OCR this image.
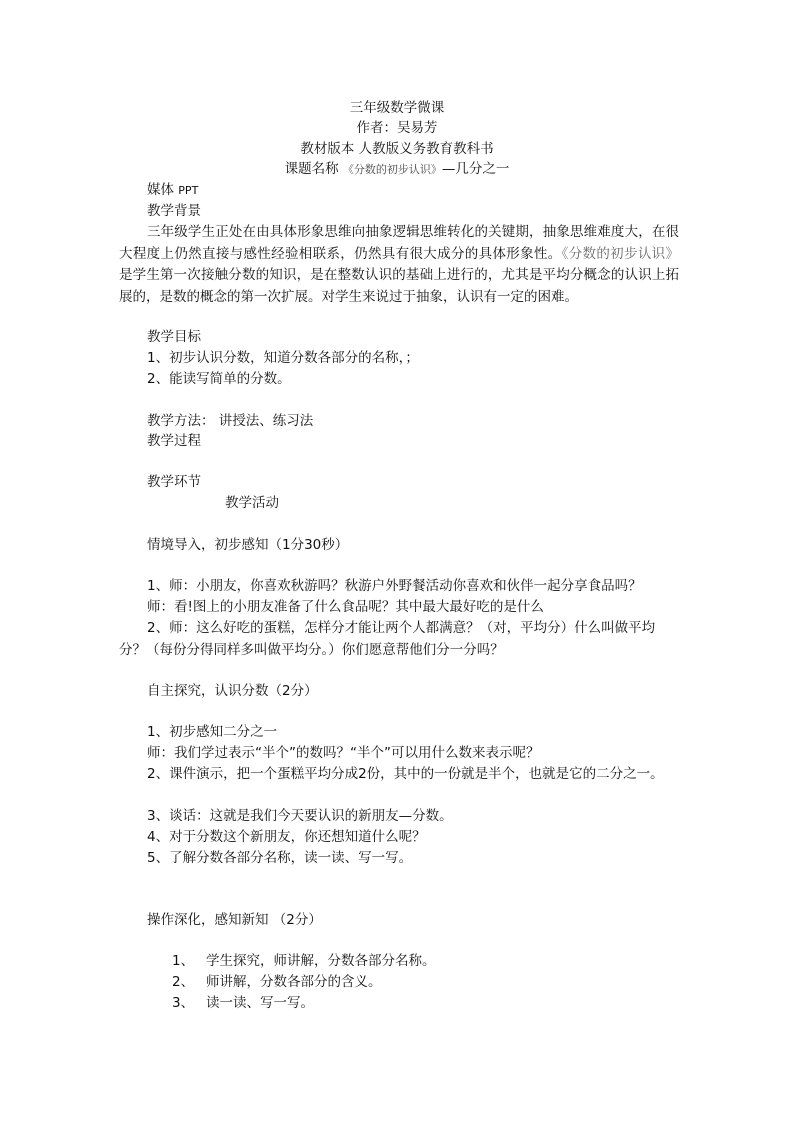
三年级数学微课
作者：吴易芳
教材版本 人教版义务教育教科书
课题名称 《分数的初步认识》—几分之一
媒体 PPT
教学背景
三年级学生正处在由具体形象思维向抽象逻辑思维转化的关键期，抽象思维难度大，在很大程度上仍然直接与感性经验相联系，仍然具有很大成分的具体形象性。《分数的初步认识》是学生第一次接触分数的知识，是在整数认识的基础上进行的，尤其是平均分概念的认识上拓展的，是数的概念的第一次扩展。对学生来说过于抽象，认识有一定的困难。
教学目标
1、初步认识分数，知道分数各部分的名称，；
2、能读写简单的分数。
教学方法： 讲授法、练习法
教学过程
教学环节
教学活动
情境导入，初步感知（1分30秒）
1、师：小朋友，你喜欢秋游吗？秋游户外野餐活动你喜欢和伙伴一起分享食品吗？
师：看!图上的小朋友准备了什么食品呢？其中最大最好吃的是什么
2、师：这么好吃的蛋糕，怎样分才能让两个人都满意？（对，平均分）什么叫做平均分？（每份分得同样多叫做平均分。）你们愿意帮他们分一分吗？
自主探究，认识分数（2分）
1、初步感知二分之一
师：我们学过表示“半个”的数吗？“半个”可以用什么数来表示呢？
2、课件演示，把一个蛋糕平均分成2份，其中的一份就是半个，也就是它的二分之一。
3、谈话：这就是我们今天要认识的新朋友—分数。
4、对于分数这个新朋友，你还想知道什么呢？
5、了解分数各部分名称，读一读、写一写。
操作深化，感知新知 （2分）
1、 学生探究，师讲解，分数各部分名称。
2、 师讲解，分数各部分的含义。
3、 读一读、写一写。
